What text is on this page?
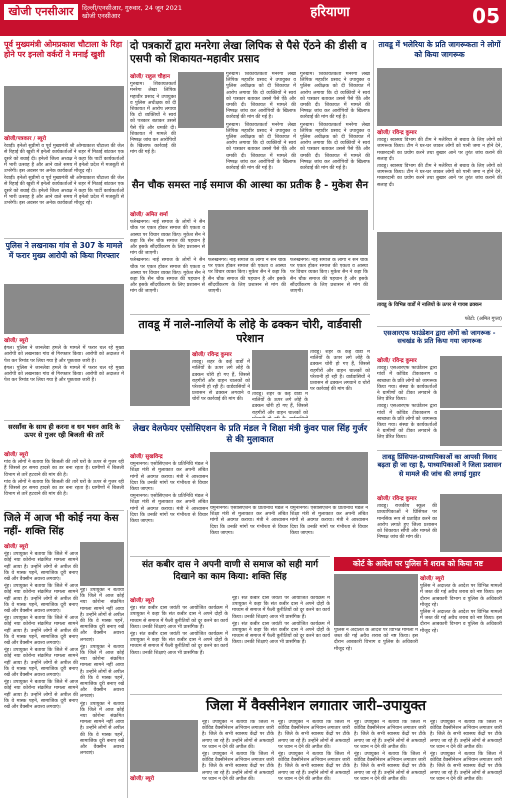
खोजी एनसीआर	दिल्ली/एनसीआर, गुरुवार, 24 जून 2021
खोजी एनसीआर	हरियाणा	05
पूर्व मुख्यमंत्री ओमप्रकाश चौटाला के रिहा होने पर इनलो वर्करों ने मनाई खुशी
खोजी/पत्रकार / ब्यूरो

रेवाड़ी। इनेलो सुप्रीमो व पूर्व मुख्यमंत्री श्री ओमप्रकाश चौटाला की जेल से रिहाई की खुशी में इनेलो कार्यकर्ताओं ने शहर में मिठाई बांटकर एक दूसरे को बधाई दी। इनेलो जिला अध्यक्ष ने कहा कि पार्टी कार्यकर्ताओं में भारी उत्साह है और आने वाले समय में इनेलो प्रदेश में मजबूती से उभरेगी। इस अवसर पर अनेक कार्यकर्ता मौजूद रहे।

रेवाड़ी। इनेलो सुप्रीमो व पूर्व मुख्यमंत्री श्री ओमप्रकाश चौटाला की जेल से रिहाई की खुशी में इनेलो कार्यकर्ताओं ने शहर में मिठाई बांटकर एक दूसरे को बधाई दी। इनेलो जिला अध्यक्ष ने कहा कि पार्टी कार्यकर्ताओं में भारी उत्साह है और आने वाले समय में इनेलो प्रदेश में मजबूती से उभरेगी। इस अवसर पर अनेक कार्यकर्ता मौजूद रहे।

दो पत्रकारों द्वारा मनरेगा लेखा लिपिक से पैसे ऐंठने की डीसी व एसपी को शिकायत-महावीर प्रसाद
खोजी/ राहुल चौहान

गुरुग्राम। शिकायतकर्ता मनरेगा लेखा लिपिक महावीर प्रसाद ने उपायुक्त व पुलिस अधीक्षक को दी शिकायत में आरोप लगाया कि दो व्यक्तियों ने स्वयं को पत्रकार बताकर उससे पैसे ऐंठे और धमकी दी। शिकायत में मामले की निष्पक्ष जांच कर आरोपियों के खिलाफ कार्रवाई की मांग की गई है।

गुरुग्राम। शिकायतकर्ता मनरेगा लेखा लिपिक महावीर प्रसाद ने उपायुक्त व पुलिस अधीक्षक को दी शिकायत में आरोप लगाया कि दो व्यक्तियों ने स्वयं को पत्रकार बताकर उससे पैसे ऐंठे और धमकी दी। शिकायत में मामले की निष्पक्ष जांच कर आरोपियों के खिलाफ कार्रवाई की मांग की गई है।

गुरुग्राम। शिकायतकर्ता मनरेगा लेखा लिपिक महावीर प्रसाद ने उपायुक्त व पुलिस अधीक्षक को दी शिकायत में आरोप लगाया कि दो व्यक्तियों ने स्वयं को पत्रकार बताकर उससे पैसे ऐंठे और धमकी दी। शिकायत में मामले की निष्पक्ष जांच कर आरोपियों के खिलाफ कार्रवाई की मांग की गई है।

गुरुग्राम। शिकायतकर्ता मनरेगा लेखा लिपिक महावीर प्रसाद ने उपायुक्त व पुलिस अधीक्षक को दी शिकायत में आरोप लगाया कि दो व्यक्तियों ने स्वयं को पत्रकार बताकर उससे पैसे ऐंठे और धमकी दी। शिकायत में मामले की निष्पक्ष जांच कर आरोपियों के खिलाफ कार्रवाई की मांग की गई है।

गुरुग्राम। शिकायतकर्ता मनरेगा लेखा लिपिक महावीर प्रसाद ने उपायुक्त व पुलिस अधीक्षक को दी शिकायत में आरोप लगाया कि दो व्यक्तियों ने स्वयं को पत्रकार बताकर उससे पैसे ऐंठे और धमकी दी। शिकायत में मामले की निष्पक्ष जांच कर आरोपियों के खिलाफ कार्रवाई की मांग की गई है।

तावडू में भलेरिया के प्रति जागरूकता ने लोगों को किया जागरूक
खोजी/ रविन्द्र कुमार

तावडू। स्वास्थ्य विभाग की टीम ने मलेरिया से बचाव के लिए लोगों को जागरूक किया। टीम ने घर-घर जाकर लोगों को पानी जमा न होने देने, मच्छरदानी का प्रयोग करने तथा बुखार आने पर तुरंत जांच कराने की सलाह दी।

तावडू। स्वास्थ्य विभाग की टीम ने मलेरिया से बचाव के लिए लोगों को जागरूक किया। टीम ने घर-घर जाकर लोगों को पानी जमा न होने देने, मच्छरदानी का प्रयोग करने तथा बुखार आने पर तुरंत जांच कराने की सलाह दी।

सैन चौक समस्त नाई समाज की आस्था का प्रतीक है - मुकेश सैन
खोजी/ अमित शर्मा

फर्रुखनगर। नाई समाज के लोगों ने सैन चौक पर एकत्र होकर समाज की एकता व आस्था पर विचार व्यक्त किए। मुकेश सैन ने कहा कि सैन चौक समाज की पहचान है और इसके सौंदर्यीकरण के लिए प्रशासन से मांग की जाएगी।

फर्रुखनगर। नाई समाज के लोगों ने सैन चौक पर एकत्र होकर समाज की एकता व आस्था पर विचार व्यक्त किए। मुकेश सैन ने कहा कि सैन चौक समाज की पहचान है और इसके सौंदर्यीकरण के लिए प्रशासन से मांग की जाएगी।

फर्रुखनगर। नाई समाज के लोगों ने सैन चौक पर एकत्र होकर समाज की एकता व आस्था पर विचार व्यक्त किए। मुकेश सैन ने कहा कि सैन चौक समाज की पहचान है और इसके सौंदर्यीकरण के लिए प्रशासन से मांग की जाएगी।

फर्रुखनगर। नाई समाज के लोगों ने सैन चौक पर एकत्र होकर समाज की एकता व आस्था पर विचार व्यक्त किए। मुकेश सैन ने कहा कि सैन चौक समाज की पहचान है और इसके सौंदर्यीकरण के लिए प्रशासन से मांग की जाएगी।

पुलिस ने लखनाका गांव से 307 के मामले में फरार मुख्य आरोपी को किया गिरफ्तार
खोजी/ ब्यूरो

इंगल। पुलिस ने जानलेवा हमले के मामले में फरार चल रहे मुख्य आरोपी को लखनाका गांव से गिरफ्तार किया। आरोपी को अदालत में पेश कर रिमांड पर लिया गया है और पूछताछ जारी है।

इंगल। पुलिस ने जानलेवा हमले के मामले में फरार चल रहे मुख्य आरोपी को लखनाका गांव से गिरफ्तार किया। आरोपी को अदालत में पेश कर रिमांड पर लिया गया है और पूछताछ जारी है।

तावडू के विभिन्न वार्डों में नालियों के ऊपर से गायब ढक्कन
फोटो: (अमित गुप्ता)
तावडू में नाले-नालियों के लोहे के ढक्कन चोरी, वार्डवासी परेशान
खोजी/ रविन्द्र कुमार

तावडू। शहर के कई वार्डों में नालियों के ऊपर लगे लोहे के ढक्कन चोरी हो गए हैं, जिससे राहगीरों और वाहन चालकों को परेशानी हो रही है। वार्डवासियों ने प्रशासन से ढक्कन लगवाने व चोरों पर कार्रवाई की मांग की।

तावडू। शहर के कई वार्डों में नालियों के ऊपर लगे लोहे के ढक्कन चोरी हो गए हैं, जिससे राहगीरों और वाहन चालकों को

तावडू। शहर के कई वार्डों में नालियों के ऊपर लगे लोहे के ढक्कन चोरी हो गए हैं, जिससे राहगीरों और वाहन चालकों को परेशानी हो रही है। वार्डवासियों ने प्रशासन से ढक्कन लगवाने व चोरों पर कार्रवाई की मांग की।

एसआरएफ फाउंडेशन द्वारा लोगों को जागरूक - सचखंड के प्रति किया गया जागरूक
खोजी/ रविन्द्र कुमार

तावडू। एसआरएफ फाउंडेशन द्वारा गांवों में कोविड टीकाकरण व स्वच्छता के प्रति लोगों को जागरूक किया गया। संस्था के कार्यकर्ताओं ने ग्रामीणों को टीका लगवाने के लिए प्रेरित किया।

तावडू। एसआरएफ फाउंडेशन द्वारा गांवों में कोविड टीकाकरण व स्वच्छता के प्रति लोगों को जागरूक किया गया। संस्था के कार्यकर्ताओं ने ग्रामीणों को टीका लगवाने के लिए प्रेरित किया।

सरसाँवा के साथ ही करना व धन भवन आदि के ऊपर से गुजर रही बिजली की तारें
खोजी/ ब्यूरो

गांव के लोगों ने बताया कि बिजली की तारें घरों के ऊपर से गुजर रही हैं जिससे हर समय हादसे का डर बना रहता है। ग्रामीणों ने बिजली विभाग से तारें हटवाने की मांग की है।

गांव के लोगों ने बताया कि बिजली की तारें घरों के ऊपर से गुजर रही हैं जिससे हर समय हादसे का डर बना रहता है। ग्रामीणों ने बिजली विभाग से तारें हटवाने की मांग की है।

लेखर वेलफेयर एसोसिएशन के प्रति मंडल ने शिक्षा मंत्री कुंवर पाल सिंह गुर्जर से की मुलाकात
खोजी/ सुखविन्द्र

यमुनानगर। एसोसिएशन के प्रतिनिधि मंडल ने शिक्षा मंत्री से मुलाकात कर अपनी लंबित मांगों से अवगत कराया। मंत्री ने आश्वासन दिया कि उनकी मांगों पर गंभीरता से विचार किया जाएगा।

यमुनानगर। एसोसिएशन के प्रतिनिधि मंडल ने शिक्षा मंत्री से मुलाकात कर अपनी लंबित मांगों से अवगत कराया। मंत्री ने आश्वासन दिया कि उनकी मांगों पर गंभीरता से विचार किया जाएगा।

यमुनानगर। एसोसिएशन के प्रतिनिधि मंडल ने शिक्षा मंत्री से मुलाकात कर अपनी लंबित मांगों से अवगत कराया। मंत्री ने आश्वासन दिया कि उनकी मांगों पर गंभीरता से विचार किया जाएगा।

यमुनानगर। एसोसिएशन के प्रतिनिधि मंडल ने शिक्षा मंत्री से मुलाकात कर अपनी लंबित मांगों से अवगत कराया। मंत्री ने आश्वासन दिया कि उनकी मांगों पर गंभीरता से विचार किया जाएगा।

तावडू प्रिंसिपल-प्राध्यापिकाओं का आपसी विवाद बढ़ता ही जा रहा है, पाध्यापिकाओं ने जिला प्रशासन से मामले की जांच की लगाई गुहार
खोजी/ रविन्द्र कुमार

तावडू। राजकीय स्कूल की प्राध्यापिकाओं ने प्रिंसिपल पर मानसिक रूप से प्रताड़ित करने का आरोप लगाते हुए जिला प्रशासन को शिकायत सौंपी और मामले की निष्पक्ष जांच की मांग की।

जिले में आज भी कोई नया केस नहीं- शक्ति सिंह
खोजी/ ब्यूरो

नूंह। उपायुक्त ने बताया कि जिले में आज कोई नया कोरोना संक्रमित मामला सामने नहीं आया है। उन्होंने लोगों से अपील की कि वे मास्क पहनें, सामाजिक दूरी बनाए रखें और वैक्सीन अवश्य लगवाएं।

नूंह। उपायुक्त ने बताया कि जिले में आज कोई नया कोरोना संक्रमित मामला सामने नहीं आया है। उन्होंने लोगों से अपील की कि वे मास्क पहनें, सामाजिक दूरी बनाए रखें और वैक्सीन अवश्य लगवाएं।

नूंह। उपायुक्त ने बताया कि जिले में आज कोई नया कोरोना संक्रमित मामला सामने नहीं आया है। उन्होंने लोगों से अपील की कि वे मास्क पहनें, सामाजिक दूरी बनाए रखें और वैक्सीन अवश्य लगवाएं।

नूंह। उपायुक्त ने बताया कि जिले में आज कोई नया कोरोना संक्रमित मामला सामने नहीं आया है। उन्होंने लोगों से अपील की कि वे मास्क पहनें, सामाजिक दूरी बनाए रखें और वैक्सीन अवश्य लगवाएं।

नूंह। उपायुक्त ने बताया कि जिले में आज कोई नया कोरोना संक्रमित मामला सामने नहीं आया है। उन्होंने लोगों से अपील की कि वे मास्क पहनें, सामाजिक दूरी बनाए रखें और वैक्सीन अवश्य लगवाएं।

नूंह। उपायुक्त ने बताया कि जिले में आज कोई नया कोरोना संक्रमित मामला सामने नहीं आया है। उन्होंने लोगों से अपील की कि वे मास्क पहनें, सामाजिक दूरी बनाए रखें और वैक्सीन अवश्य लगवाएं।

नूंह। उपायुक्त ने बताया कि जिले में आज कोई नया कोरोना संक्रमित मामला सामने नहीं आया है। उन्होंने लोगों से अपील की कि वे मास्क पहनें, सामाजिक दूरी बनाए रखें और वैक्सीन अवश्य लगवाएं।

नूंह। उपायुक्त ने बताया कि जिले में आज कोई नया कोरोना संक्रमित मामला सामने नहीं आया है। उन्होंने लोगों से अपील की कि वे मास्क पहनें, सामाजिक दूरी बनाए रखें और वैक्सीन अवश्य लगवाएं।

संत कबीर दास ने अपनी वाणी से समाज को सही मार्ग दिखाने का काम किया: शक्ति सिंह
खोजी/ ब्यूरो

नूंह। संत कबीर दास जयंती पर आयोजित कार्यक्रम में उपायुक्त ने कहा कि संत कबीर दास ने अपने दोहों के माध्यम से समाज में फैली कुरीतियों को दूर करने का कार्य किया। उनकी शिक्षाएं आज भी प्रासंगिक हैं।

नूंह। संत कबीर दास जयंती पर आयोजित कार्यक्रम में उपायुक्त ने कहा कि संत कबीर दास ने अपने दोहों के माध्यम से समाज में फैली कुरीतियों को दूर करने का कार्य किया। उनकी शिक्षाएं आज भी प्रासंगिक हैं।

नूंह। संत कबीर दास जयंती पर आयोजित कार्यक्रम में उपायुक्त ने कहा कि संत कबीर दास ने अपने दोहों के माध्यम से समाज में फैली कुरीतियों को दूर करने का कार्य किया। उनकी शिक्षाएं आज भी प्रासंगिक हैं।

नूंह। संत कबीर दास जयंती पर आयोजित कार्यक्रम में उपायुक्त ने कहा कि संत कबीर दास ने अपने दोहों के माध्यम से समाज में फैली कुरीतियों को दूर करने का कार्य किया। उनकी शिक्षाएं आज भी प्रासंगिक हैं।

कोर्ट के आदेश पर पुलिस ने शराब को किया नष्ट
खोजी/ ब्यूरो

पुलिस ने अदालत के आदेश पर विभिन्न मामलों में जब्त की गई अवैध शराब को नष्ट किया। इस दौरान आबकारी विभाग व पुलिस के अधिकारी मौजूद रहे।

पुलिस ने अदालत के आदेश पर विभिन्न मामलों में जब्त की गई अवैध शराब को नष्ट किया। इस दौरान आबकारी विभाग व पुलिस के अधिकारी मौजूद रहे।

पुलिस ने अदालत के आदेश पर विभिन्न मामलों में जब्त की गई अवैध शराब को नष्ट किया। इस दौरान आबकारी विभाग व पुलिस के अधिकारी मौजूद रहे।

जिला में वैक्सीनेशन लगातार जारी–उपायुक्त
खोजी/ ब्यूरो

नूंह। उपायुक्त ने बताया कि जिला में कोविड वैक्सीनेशन अभियान लगातार जारी है। जिले के सभी स्वास्थ्य केंद्रों पर टीके लगाए जा रहे हैं। उन्होंने लोगों से अफवाहों पर ध्यान न देने की अपील की।

नूंह। उपायुक्त ने बताया कि जिला में कोविड वैक्सीनेशन अभियान लगातार जारी है। जिले के सभी स्वास्थ्य केंद्रों पर टीके लगाए जा रहे हैं। उन्होंने लोगों से अफवाहों पर ध्यान न देने की अपील की।

नूंह। उपायुक्त ने बताया कि जिला में कोविड वैक्सीनेशन अभियान लगातार जारी है। जिले के सभी स्वास्थ्य केंद्रों पर टीके लगाए जा रहे हैं। उन्होंने लोगों से अफवाहों पर ध्यान न देने की अपील की।

नूंह। उपायुक्त ने बताया कि जिला में कोविड वैक्सीनेशन अभियान लगातार जारी है। जिले के सभी स्वास्थ्य केंद्रों पर टीके लगाए जा रहे हैं। उन्होंने लोगों से अफवाहों पर ध्यान न देने की अपील की।

नूंह। उपायुक्त ने बताया कि जिला में कोविड वैक्सीनेशन अभियान लगातार जारी है। जिले के सभी स्वास्थ्य केंद्रों पर टीके लगाए जा रहे हैं। उन्होंने लोगों से अफवाहों पर ध्यान न देने की अपील की।

नूंह। उपायुक्त ने बताया कि जिला में कोविड वैक्सीनेशन अभियान लगातार जारी है। जिले के सभी स्वास्थ्य केंद्रों पर टीके लगाए जा रहे हैं। उन्होंने लोगों से अफवाहों पर ध्यान न देने की अपील की।

नूंह। उपायुक्त ने बताया कि जिला में कोविड वैक्सीनेशन अभियान लगातार जारी है। जिले के सभी स्वास्थ्य केंद्रों पर टीके लगाए जा रहे हैं। उन्होंने लोगों से अफवाहों पर ध्यान न देने की अपील की।

नूंह। उपायुक्त ने बताया कि जिला में कोविड वैक्सीनेशन अभियान लगातार जारी है। जिले के सभी स्वास्थ्य केंद्रों पर टीके लगाए जा रहे हैं। उन्होंने लोगों से अफवाहों पर ध्यान न देने की अपील की।
